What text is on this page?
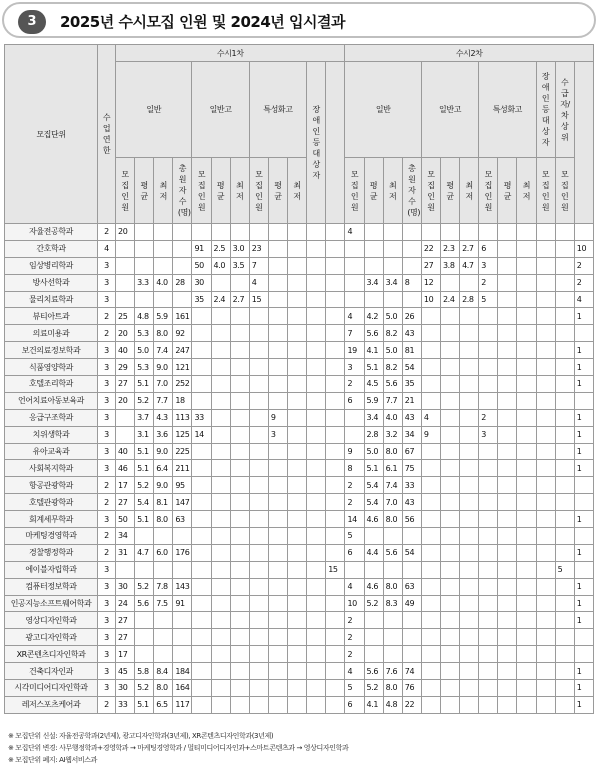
3	2025년 수시모집 인원 및 2024년 입시결과
모집단위	수업연한	수시1차												수시2차												
		일반				일반고			특성화고			장애인등대상자		일반				일반고			특성화고			장애인등대상자	수급자/차상위	

		모집인원	평균	최저	총원자수(명)	모집인원	평균	최저	모집인원	평균	최저			모집인원	평균	최저	총원자수(명)	모집인원	평균	최저	모집인원	평균	최저	모집인원	모집인원	

자율전공학과	2	20												4												
간호학과	4					91	2.5	3.0	23									22	2.3	2.7	6					10
임상병리학과	3					50	4.0	3.5	7									27	3.8	4.7	3					2
방사선학과	3		3.3	4.0	28	30			4						3.4	3.4	8	12			2					2
물리치료학과	3					35	2.4	2.7	15									10	2.4	2.8	5					4
뷰티아트과	2	25	4.8	5.9	161									4	4.2	5.0	26									1
의료미용과	2	20	5.3	8.0	92									7	5.6	8.2	43									
보건의료정보학과	3	40	5.0	7.4	247									19	4.1	5.0	81									1
식품영양학과	3	29	5.3	9.0	121									3	5.1	8.2	54									1
호텔조리학과	3	27	5.1	7.0	252									2	4.5	5.6	35									1
언어치료아동보육과	3	20	5.2	7.7	18									6	5.9	7.7	21									
응급구조학과	3		3.7	4.3	113	33				9					3.4	4.0	43	4			2					1
치위생학과	3		3.1	3.6	125	14				3					2.8	3.2	34	9			3					1
유아교육과	3	40	5.1	9.0	225									9	5.0	8.0	67									1
사회복지학과	3	46	5.1	6.4	211									8	5.1	6.1	75									1
항공관광학과	2	17	5.2	9.0	95									2	5.4	7.4	33									
호텔관광학과	2	27	5.4	8.1	147									2	5.4	7.0	43									
회계세무학과	3	50	5.1	8.0	63									14	4.6	8.0	56									1
마케팅경영학과	2	34												5												
경찰행정학과	2	31	4.7	6.0	176									6	4.4	5.6	54									1
에이블자립학과	3												15												5	
컴퓨터정보학과	3	30	5.2	7.8	143									4	4.6	8.0	63									1
인공지능소프트웨어학과	3	24	5.6	7.5	91									10	5.2	8.3	49									1
영상디자인학과	3	27												2												1
광고디자인학과	3	27												2												
XR콘텐츠디자인학과	3	17												2												
건축디자인과	3	45	5.8	8.4	184									4	5.6	7.6	74									1
시각미디어디자인학과	3	30	5.2	8.0	164									5	5.2	8.0	76									1
레저스포츠케어과	2	33	5.1	6.5	117									6	4.1	4.8	22									1
※ 모집단위 신설: 자율전공학과(2년제), 광고디자인학과(3년제), XR콘텐츠디자인학과(3년제)
※ 모집단위 변경: 사무행정학과+경영학과 → 마케팅경영학과 / 멀티미디어디자인과+스마트콘텐츠과 → 영상디자인학과
※ 모집단위 폐지: AI웹서비스과
